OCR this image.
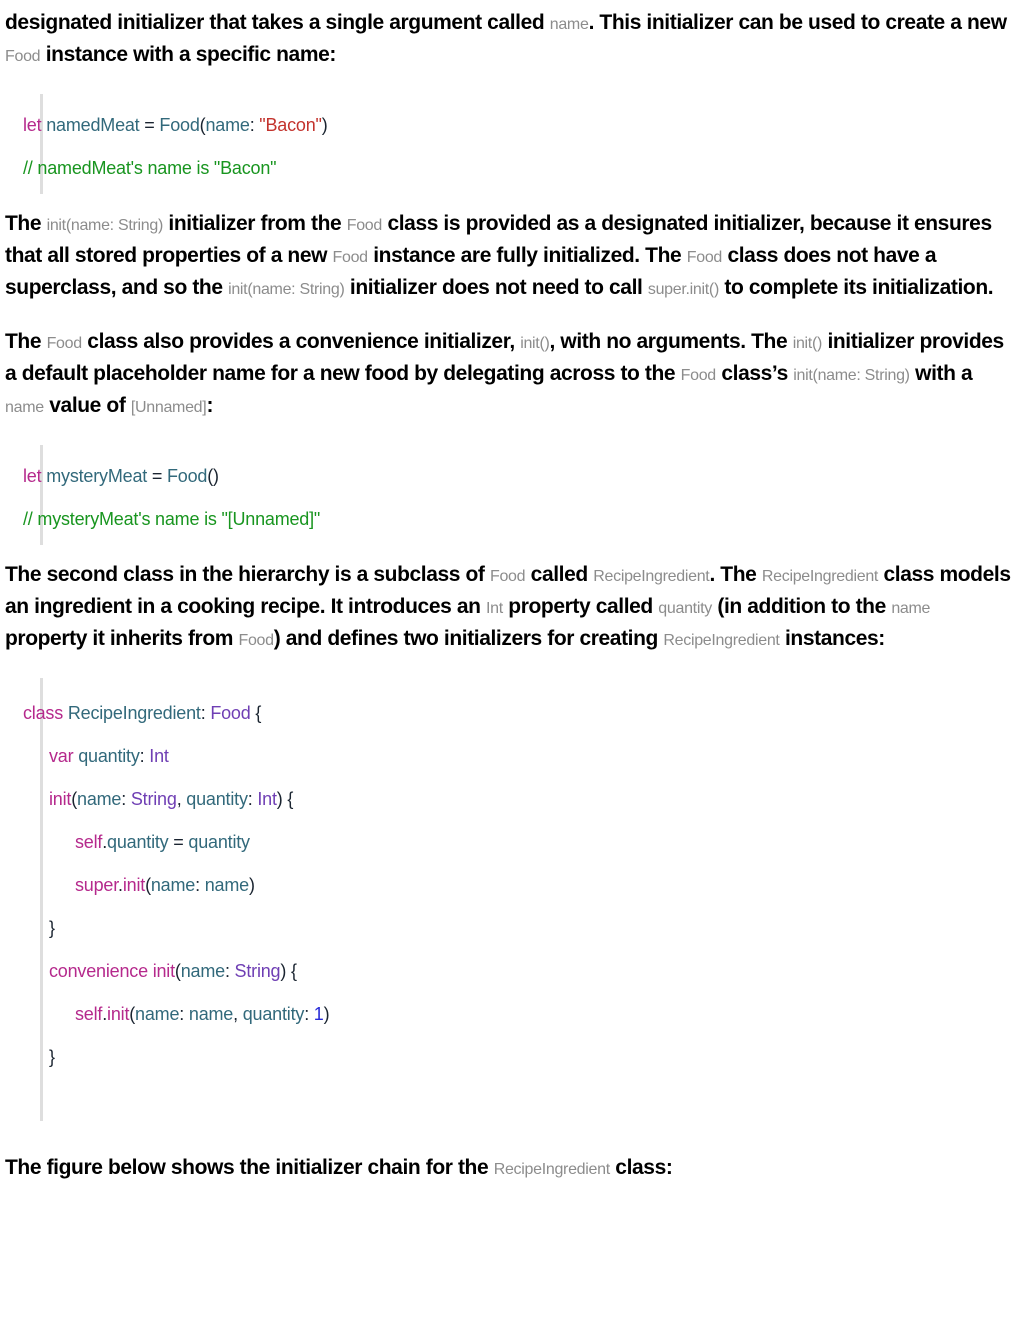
designated initializer that takes a single argument called name. This initializer can be used to create a new Food instance with a specific name:

let namedMeat = Food(name: "Bacon")
// namedMeat's name is "Bacon"

The init(name: String) initializer from the Food class is provided as a designated initializer, because it ensures that all stored properties of a new Food instance are fully initialized. The Food class does not have a superclass, and so the init(name: String) initializer does not need to call super.init() to complete its initialization.

The Food class also provides a convenience initializer, init(), with no arguments. The init() initializer provides a default placeholder name for a new food by delegating across to the Food class’s init(name: String) with a name value of [Unnamed]:

let mysteryMeat = Food()
// mysteryMeat's name is "[Unnamed]"

The second class in the hierarchy is a subclass of Food called RecipeIngredient. The RecipeIngredient class models an ingredient in a cooking recipe. It introduces an Int property called quantity (in addition to the name property it inherits from Food) and defines two initializers for creating RecipeIngredient instances:

class RecipeIngredient: Food {
var quantity: Int
init(name: String, quantity: Int) {
self.quantity = quantity
super.init(name: name)
}
convenience init(name: String) {
self.init(name: name, quantity: 1)
}

The figure below shows the initializer chain for the RecipeIngredient class:
